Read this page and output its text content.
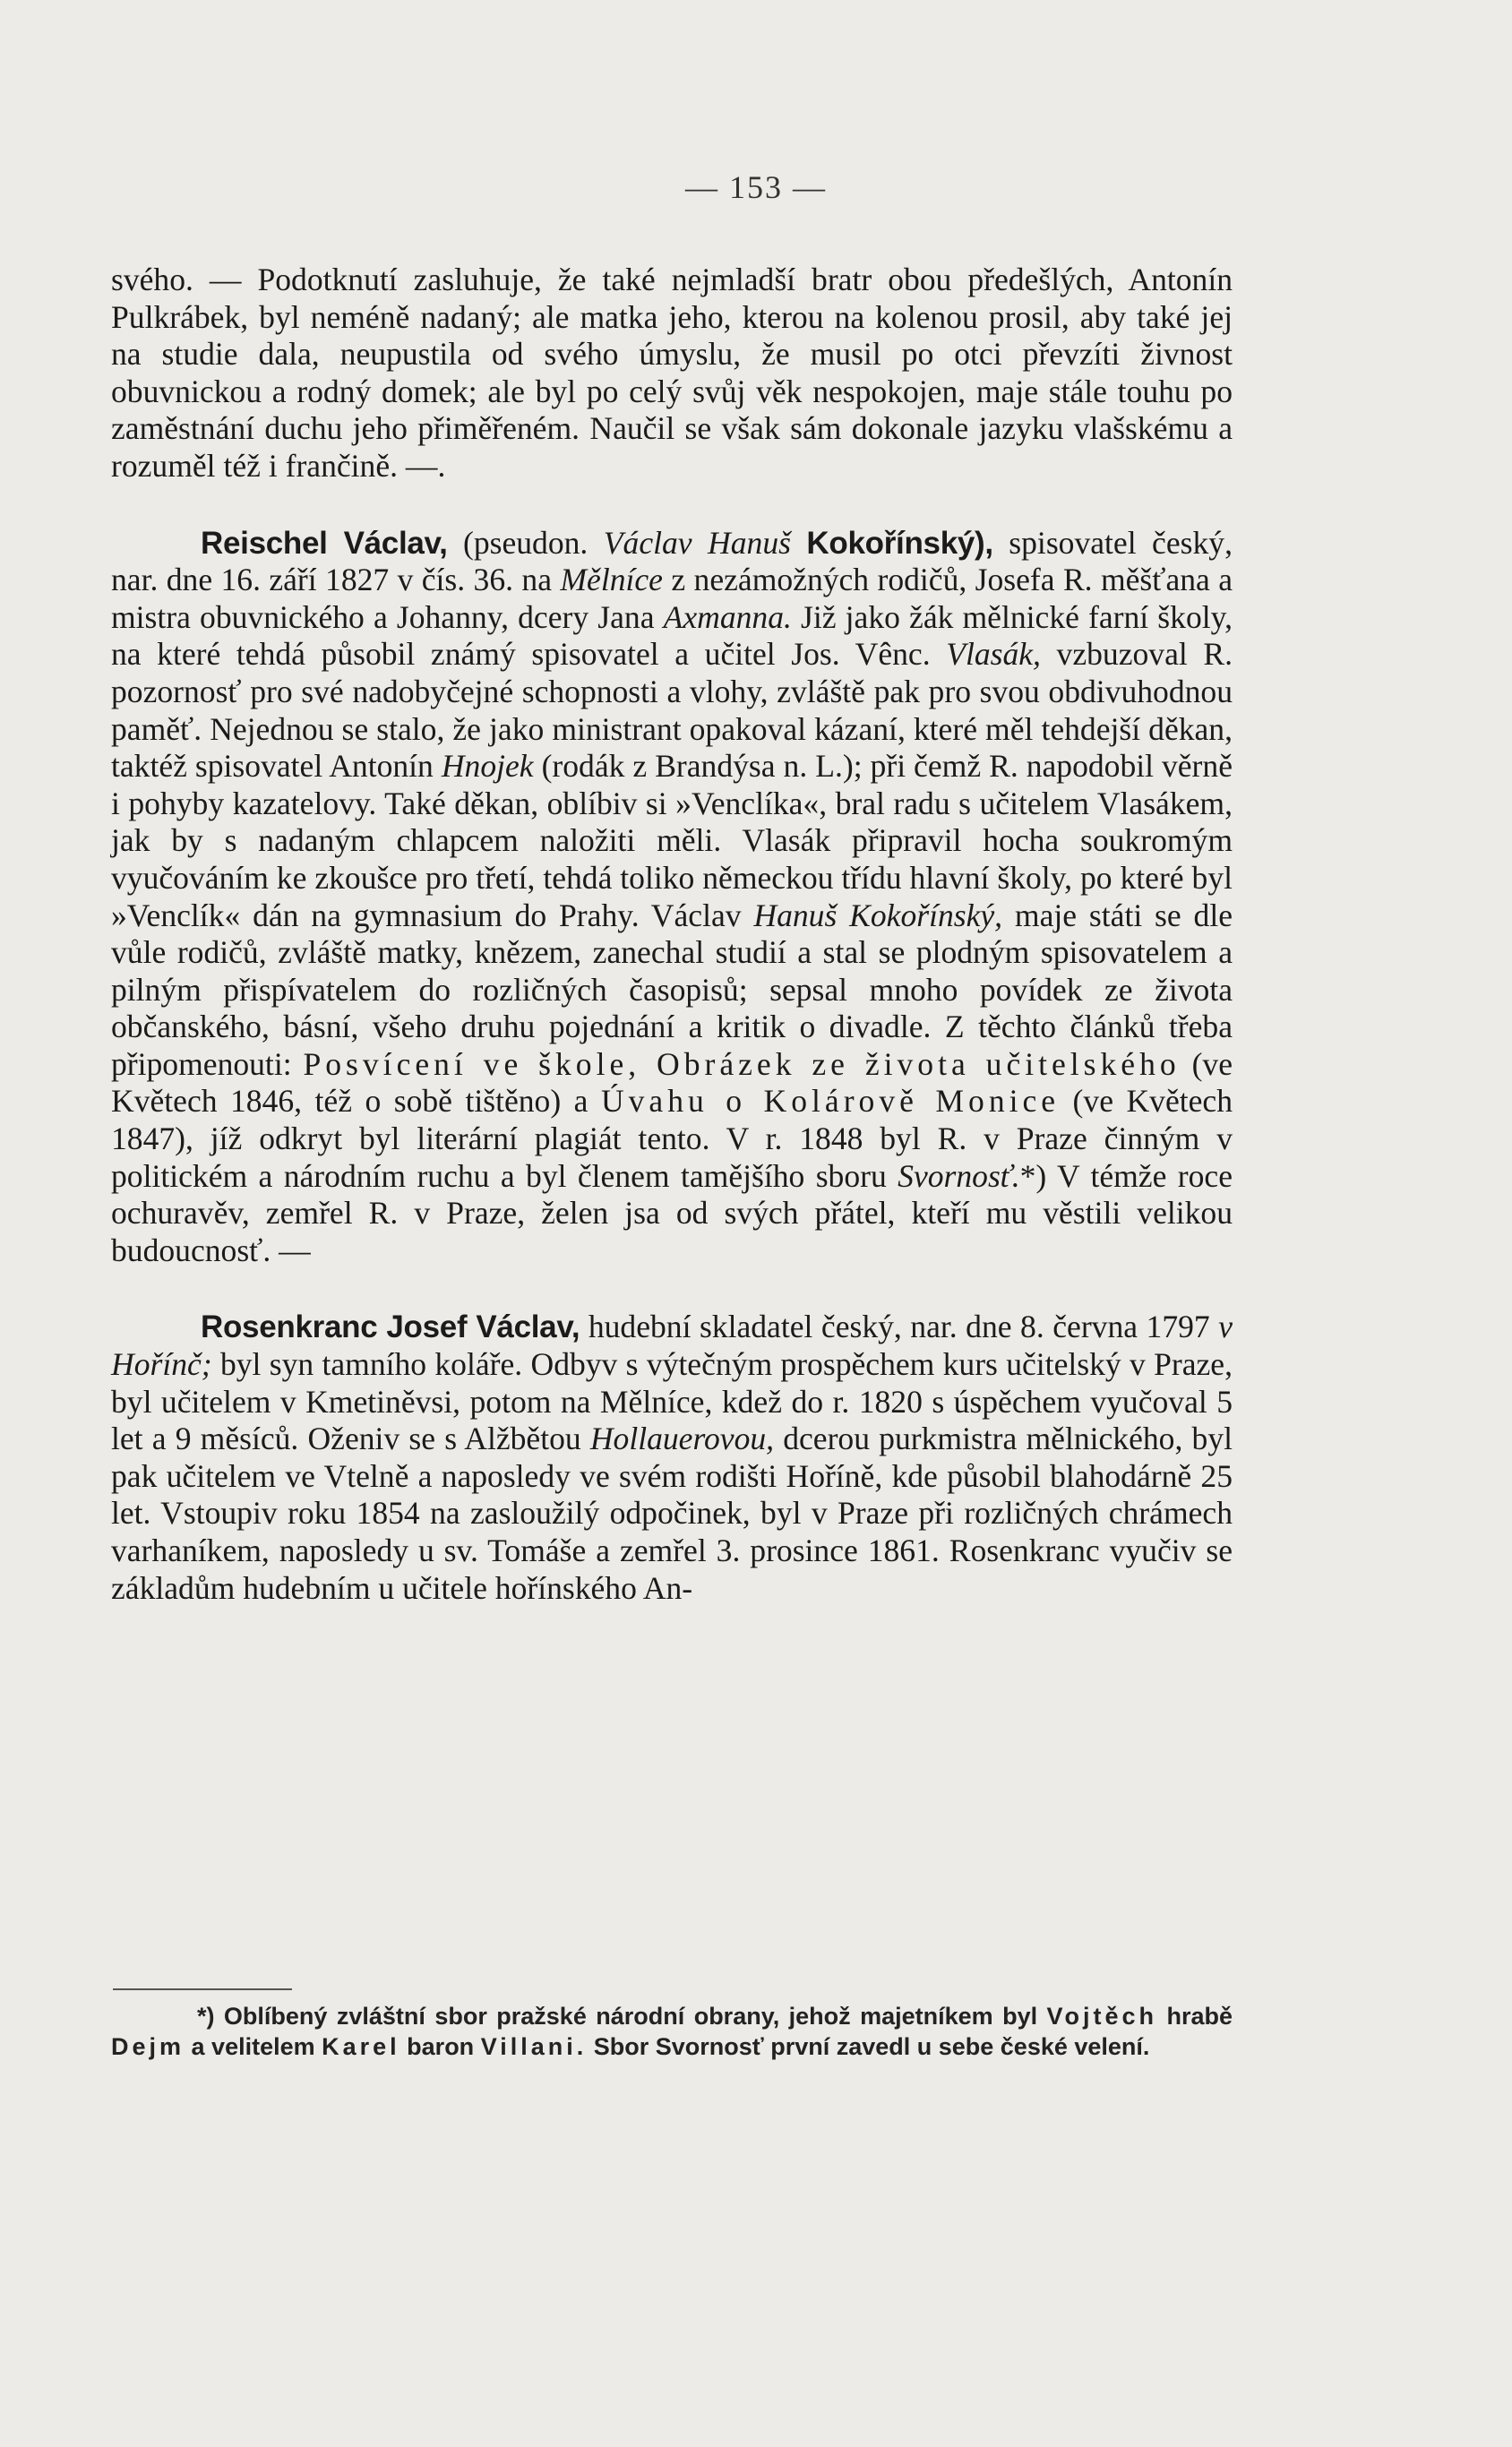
— 153 —

svého. — Podotknutí zasluhuje, že také nejmladší bratr obou předešlých, Antonín Pulkrábek, byl neméně nadaný; ale matka jeho, kterou na kolenou prosil, aby také jej na studie dala, neupustila od svého úmyslu, že musil po otci převzíti živnost obuvnickou a rodný domek; ale byl po celý svůj věk nespokojen, maje stále touhu po zaměstnání duchu jeho přiměřeném. Naučil se však sám dokonale jazyku vlašskému a rozuměl též i frančině. —.

Reischel Václav, (pseudon. Václav Hanuš Kokořínský), spisovatel český, nar. dne 16. září 1827 v čís. 36. na Mělníce z nezámožných rodičů, Josefa R. měšťana a mistra obuvnického a Johanny, dcery Jana Axmanna. Již jako žák mělnické farní školy, na které tehdá působil známý spisovatel a učitel Jos. Vênc. Vlasák, vzbuzoval R. pozornosť pro své nadobyčejné schopnosti a vlohy, zvláště pak pro svou obdivuhodnou paměť. Nejednou se stalo, že jako ministrant opakoval kázaní, které měl tehdejší děkan, taktéž spisovatel Antonín Hnojek (rodák z Brandýsa n. L.); při čemž R. napodobil věrně i pohyby kazatelovy. Také děkan, oblíbiv si »Venclíka«, bral radu s učitelem Vlasákem, jak by s nadaným chlapcem naložiti měli. Vlasák připravil hocha soukromým vyučováním ke zkoušce pro třetí, tehdá toliko německou třídu hlavní školy, po které byl »Venclík« dán na gymnasium do Prahy. Václav Hanuš Kokořínský, maje státi se dle vůle rodičů, zvláště matky, knězem, zanechal studií a stal se plodným spisovatelem a pilným přispívatelem do rozličných časopisů; sepsal mnoho povídek ze života občanského, básní, všeho druhu pojednání a kritik o divadle. Z těchto článků třeba připomenouti: Posvícení ve škole, Obrázek ze života učitelského (ve Květech 1846, též o sobě tištěno) a Úvahu o Kolárově Monice (ve Květech 1847), jíž odkryt byl literární plagiát tento. V r. 1848 byl R. v Praze činným v politickém a národním ruchu a byl členem tamějšího sboru Svornosť.*) V témže roce ochuravěv, zemřel R. v Praze, želen jsa od svých přátel, kteří mu věstili velikou budoucnosť. —

Rosenkranc Josef Václav, hudební skladatel český, nar. dne 8. června 1797 v Hořínč; byl syn tamního koláře. Odbyv s výtečným prospěchem kurs učitelský v Praze, byl učitelem v Kmetiněvsi, potom na Mělníce, kdež do r. 1820 s úspěchem vyučoval 5 let a 9 měsíců. Oženiv se s Alžbětou Hollauerovou, dcerou purkmistra mělnického, byl pak učitelem ve Vtelně a naposledy ve svém rodišti Hoříně, kde působil blahodárně 25 let. Vstoupiv roku 1854 na zasloužilý odpočinek, byl v Praze při rozličných chrámech varhaníkem, naposledy u sv. Tomáše a zemřel 3. prosince 1861. Rosenkranc vyučiv se základům hudebním u učitele hořínského An-

*) Oblíbený zvláštní sbor pražské národní obrany, jehož majetníkem byl Vojtěch hrabě Dejm a velitelem Karel baron Villani. Sbor Svornosť první zavedl u sebe české velení.
